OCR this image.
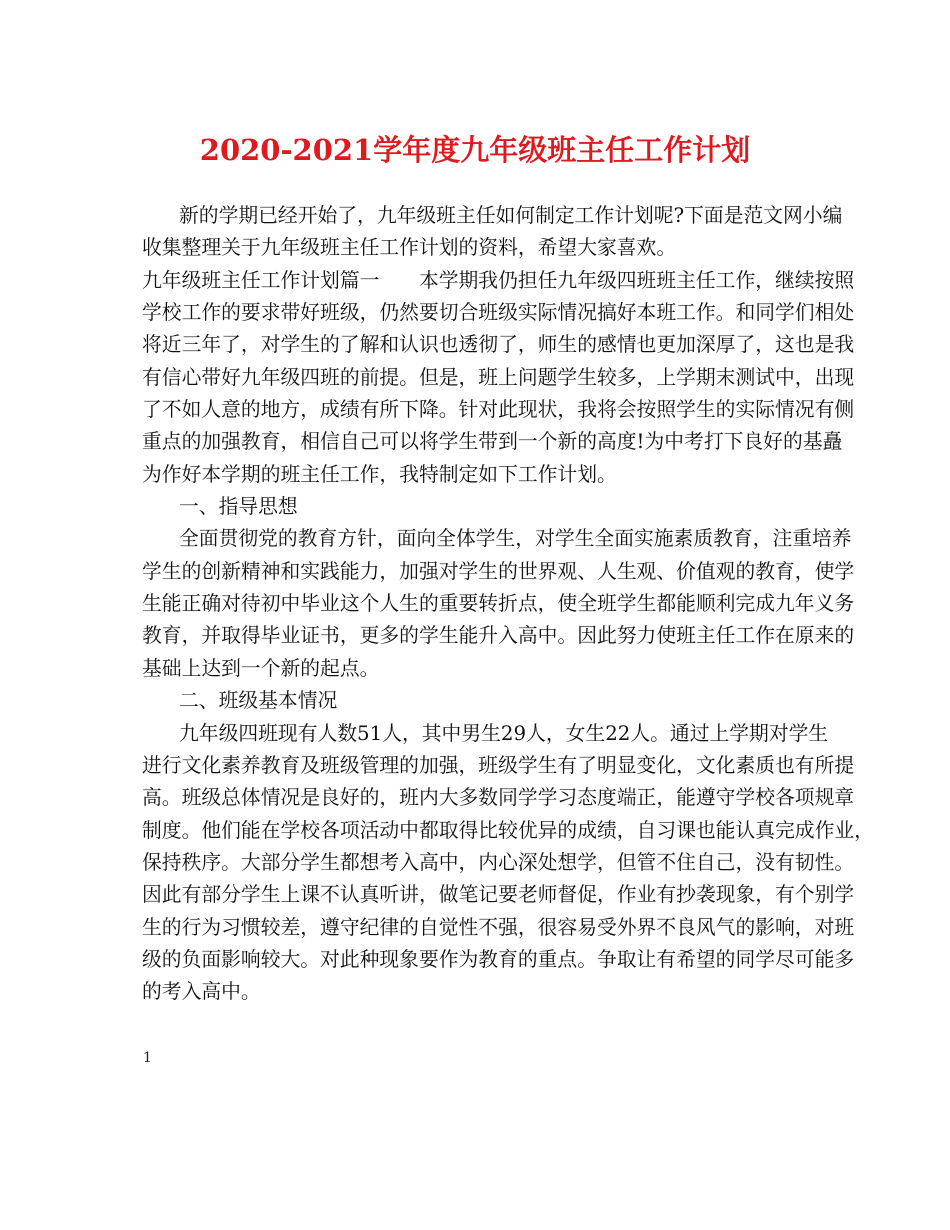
2020-2021学年度九年级班主任工作计划
新的学期已经开始了，九年级班主任如何制定工作计划呢?下面是范文网小编
收集整理关于九年级班主任工作计划的资料，希望大家喜欢。
九年级班主任工作计划篇一　　本学期我仍担任九年级四班班主任工作，继续按照
学校工作的要求带好班级，仍然要切合班级实际情况搞好本班工作。和同学们相处
将近三年了，对学生的了解和认识也透彻了，师生的感情也更加深厚了，这也是我
有信心带好九年级四班的前提。但是，班上问题学生较多，上学期末测试中，出现
了不如人意的地方，成绩有所下降。针对此现状，我将会按照学生的实际情况有侧
重点的加强教育，相信自己可以将学生带到一个新的高度!为中考打下良好的基矗
为作好本学期的班主任工作，我特制定如下工作计划。
一、指导思想
全面贯彻党的教育方针，面向全体学生，对学生全面实施素质教育，注重培养
学生的创新精神和实践能力，加强对学生的世界观、人生观、价值观的教育，使学
生能正确对待初中毕业这个人生的重要转折点，使全班学生都能顺利完成九年义务
教育，并取得毕业证书，更多的学生能升入高中。因此努力使班主任工作在原来的
基础上达到一个新的起点。
二、班级基本情况
九年级四班现有人数51人，其中男生29人，女生22人。通过上学期对学生
进行文化素养教育及班级管理的加强，班级学生有了明显变化，文化素质也有所提
高。班级总体情况是良好的，班内大多数同学学习态度端正，能遵守学校各项规章
制度。他们能在学校各项活动中都取得比较优异的成绩，自习课也能认真完成作业，
保持秩序。大部分学生都想考入高中，内心深处想学，但管不住自己，没有韧性。
因此有部分学生上课不认真听讲，做笔记要老师督促，作业有抄袭现象，有个别学
生的行为习惯较差，遵守纪律的自觉性不强，很容易受外界不良风气的影响，对班
级的负面影响较大。对此种现象要作为教育的重点。争取让有希望的同学尽可能多
的考入高中。
1
